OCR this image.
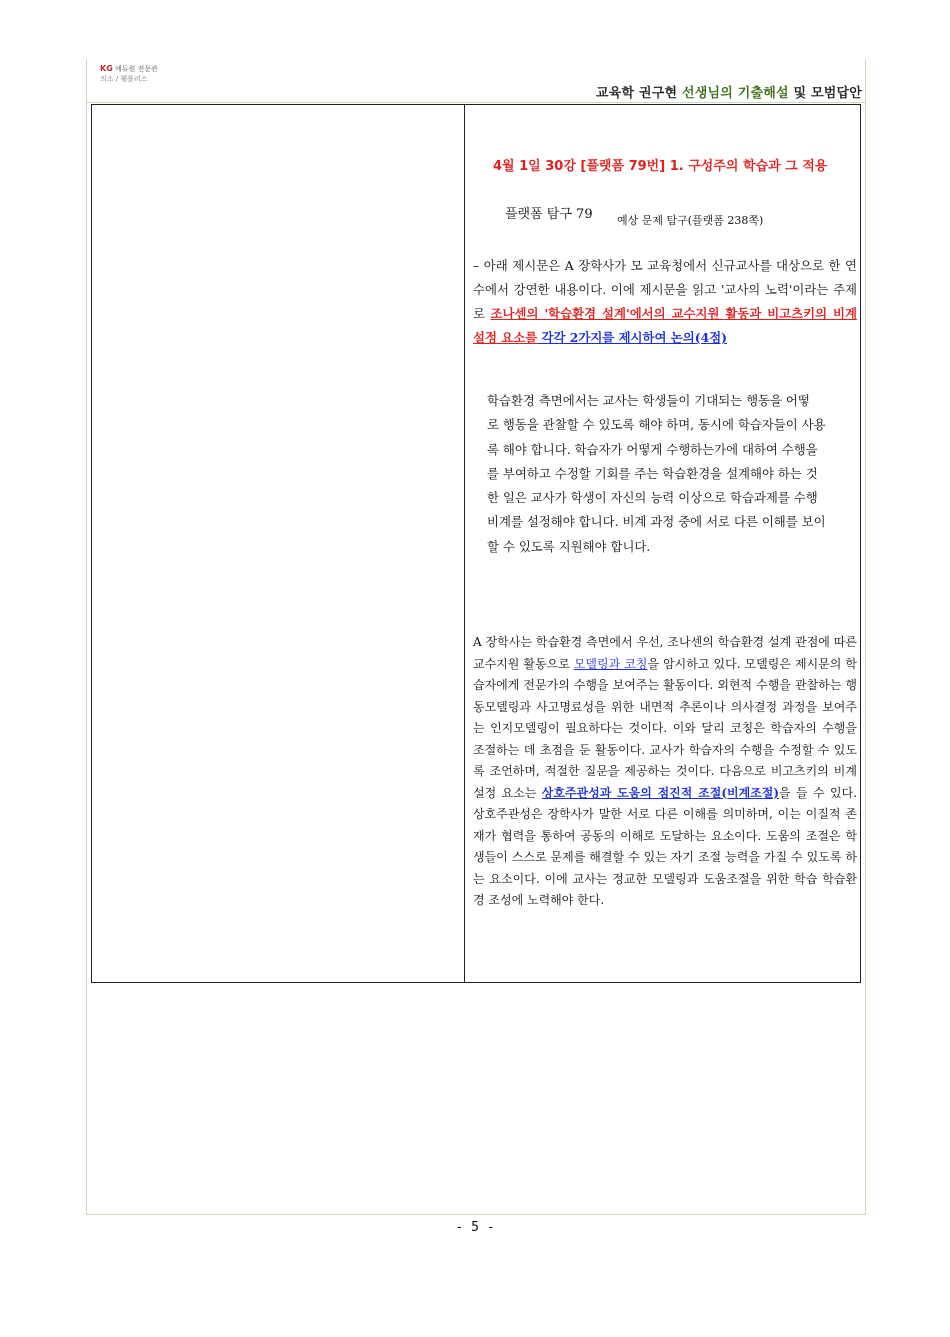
KG 에듀원 전문관
의소 / 웰플러스
교육학 권구현 선생님의 기출해설 및 모범답안

4월 1일 30강 [플랫폼 79번] 1. 구성주의 학습과 그 적용
플랫폼 탐구 79 예상 문제 탐구(플랫폼 238쪽)
– 아래 제시문은 A 장학사가 모 교육청에서 신규교사를 대상으로 한 연수에서 강연한 내용이다. 이에 제시문을 읽고 '교사의 노력'이라는 주제로 조나센의 '학습환경 설계'에서의 교수지원 활동과 비고츠키의 비계설정 요소를 각각 2가지를 제시하여 논의(4점)

학습환경 측면에서는 교사는 학생들이 기대되는 행동을 어떻

로 행동을 관찰할 수 있도록 해야 하며, 동시에 학습자들이 사용

록 해야 합니다. 학습자가 어떻게 수행하는가에 대하여 수행을

를 부여하고 수정할 기회를 주는 학습환경을 설계해야 하는 것

한 일은 교사가 학생이 자신의 능력 이상으로 학습과제를 수행

비계를 설정해야 합니다. 비계 과정 중에 서로 다른 이해를 보이

할 수 있도록 지원해야 합니다.

A 장학사는 학습환경 측면에서 우선, 조나센의 학습환경 설계 관점에 따른 교수지원 활동으로 모델링과 코칭을 암시하고 있다. 모델링은 제시문의 학습자에게 전문가의 수행을 보여주는 활동이다. 외현적 수행을 관찰하는 행동모델링과 사고명료성을 위한 내면적 추론이나 의사결정 과정을 보여주는 인지모델링이 필요하다는 것이다. 이와 달리 코칭은 학습자의 수행을 조절하는 데 초점을 둔 활동이다. 교사가 학습자의 수행을 수정할 수 있도록 조언하며, 적절한 질문을 제공하는 것이다. 다음으로 비고츠키의 비계설정 요소는 상호주관성과 도움의 점진적 조절(비계조절)을 들 수 있다. 상호주관성은 장학사가 말한 서로 다른 이해를 의미하며, 이는 이질적 존재가 협력을 통하여 공동의 이해로 도달하는 요소이다. 도움의 조절은 학생들이 스스로 문제를 해결할 수 있는 자기 조절 능력을 가질 수 있도록 하는 요소이다. 이에 교사는 정교한 모델링과 도움조절을 위한 학습 학습환경 조성에 노력해야 한다.
- 5 -
